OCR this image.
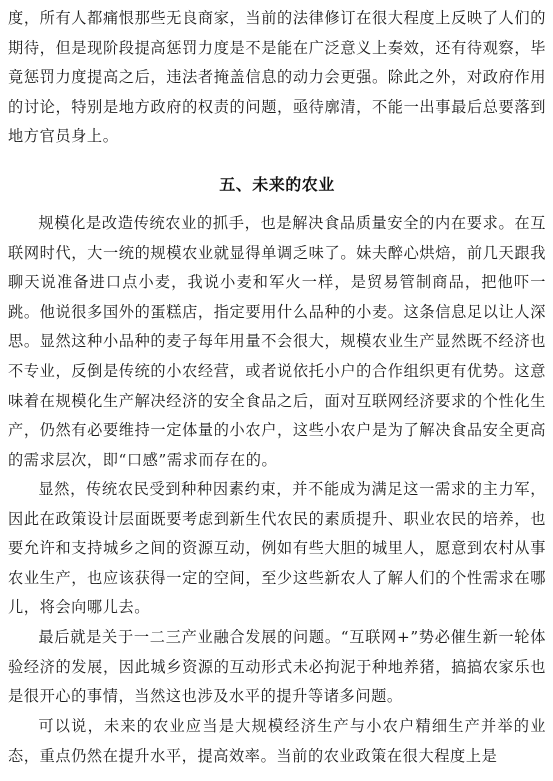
度，所有人都痛恨那些无良商家，当前的法律修订在很大程度上反映了人们的期待，但是现阶段提高惩罚力度是不是能在广泛意义上奏效，还有待观察，毕竟惩罚力度提高之后，违法者掩盖信息的动力会更强。除此之外，对政府作用的讨论，特别是地方政府的权责的问题，亟待廓清，不能一出事最后总要落到地方官员身上。

五、未来的农业

规模化是改造传统农业的抓手，也是解决食品质量安全的内在要求。在互联网时代，大一统的规模农业就显得单调乏味了。妹夫醉心烘焙，前几天跟我聊天说准备进口点小麦，我说小麦和军火一样，是贸易管制商品，把他吓一跳。他说很多国外的蛋糕店，指定要用什么品种的小麦。这条信息足以让人深思。显然这种小品种的麦子每年用量不会很大，规模农业生产显然既不经济也不专业，反倒是传统的小农经营，或者说依托小户的合作组织更有优势。这意味着在规模化生产解决经济的安全食品之后，面对互联网经济要求的个性化生产，仍然有必要维持一定体量的小农户，这些小农户是为了解决食品安全更高的需求层次，即“口感”需求而存在的。

显然，传统农民受到种种因素约束，并不能成为满足这一需求的主力军，因此在政策设计层面既要考虑到新生代农民的素质提升、职业农民的培养，也要允许和支持城乡之间的资源互动，例如有些大胆的城里人，愿意到农村从事农业生产，也应该获得一定的空间，至少这些新农人了解人们的个性需求在哪儿，将会向哪儿去。

最后就是关于一二三产业融合发展的问题。“互联网+”势必催生新一轮体验经济的发展，因此城乡资源的互动形式未必拘泥于种地养猪，搞搞农家乐也是很开心的事情，当然这也涉及水平的提升等诸多问题。

可以说，未来的农业应当是大规模经济生产与小农户精细生产并举的业态，重点仍然在提升水平，提高效率。当前的农业政策在很大程度上是
